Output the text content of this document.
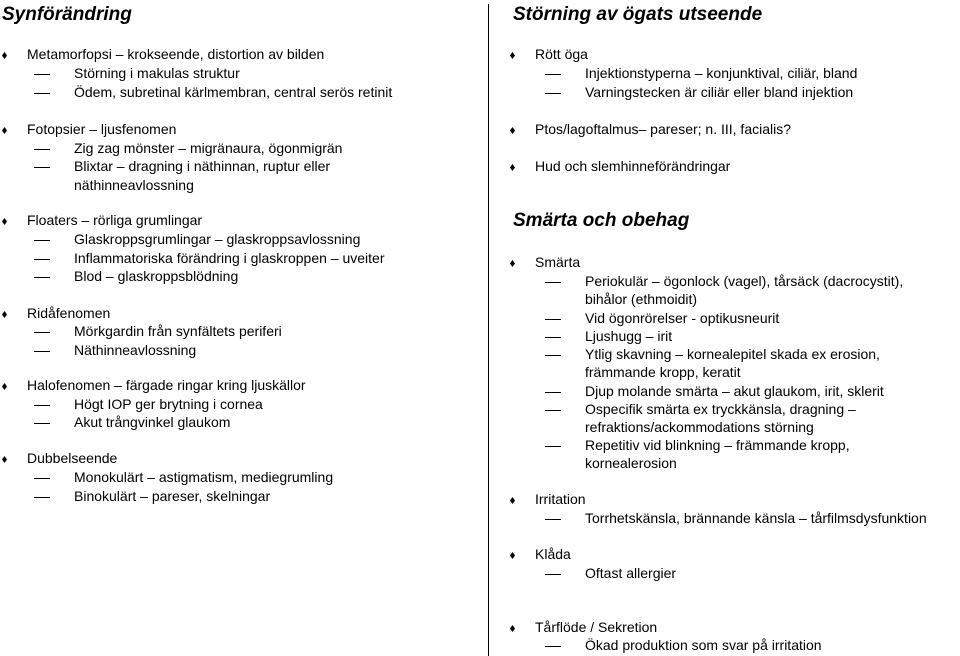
Synförändring
Metamorfopsi – krokseende, distortion av bilden
Störning i makulas struktur
Ödem, subretinal kärlmembran, central serös retinit
Fotopsier – ljusfenomen
Zig zag mönster – migränaura, ögonmigrän
Blixtar – dragning i näthinnan, ruptur eller
näthinneavlossning
Floaters – rörliga grumlingar
Glaskroppsgrumlingar – glaskroppsavlossning
Inflammatoriska förändring i glaskroppen – uveiter
Blod – glaskroppsblödning
Ridåfenomen
Mörkgardin från synfältets periferi
Näthinneavlossning
Halofenomen – färgade ringar kring ljuskällor
Högt IOP ger brytning i cornea
Akut trångvinkel glaukom
Dubbelseende
Monokulärt – astigmatism, mediegrumling
Binokulärt – pareser, skelningar
Störning av ögats utseende
Rött öga
Injektionstyperna – konjunktival, ciliär, bland
Varningstecken är ciliär eller bland injektion
Ptos/lagoftalmus– pareser; n. III, facialis?
Hud och slemhinneförändringar
Smärta och obehag
Smärta
Periokulär – ögonlock (vagel), tårsäck (dacrocystit),
bihålor (ethmoidit)
Vid ögonrörelser - optikusneurit
Ljushugg – irit
Ytlig skavning – kornealepitel skada ex erosion,
främmande kropp, keratit
Djup molande smärta – akut glaukom, irit, sklerit
Ospecifik smärta ex tryckkänsla, dragning –
refraktions/ackommodations störning
Repetitiv vid blinkning – främmande kropp,
kornealerosion
Irritation
Torrhetskänsla, brännande känsla – tårfilmsdysfunktion
Klåda
Oftast allergier
Tårflöde / Sekretion
Ökad produktion som svar på irritation
